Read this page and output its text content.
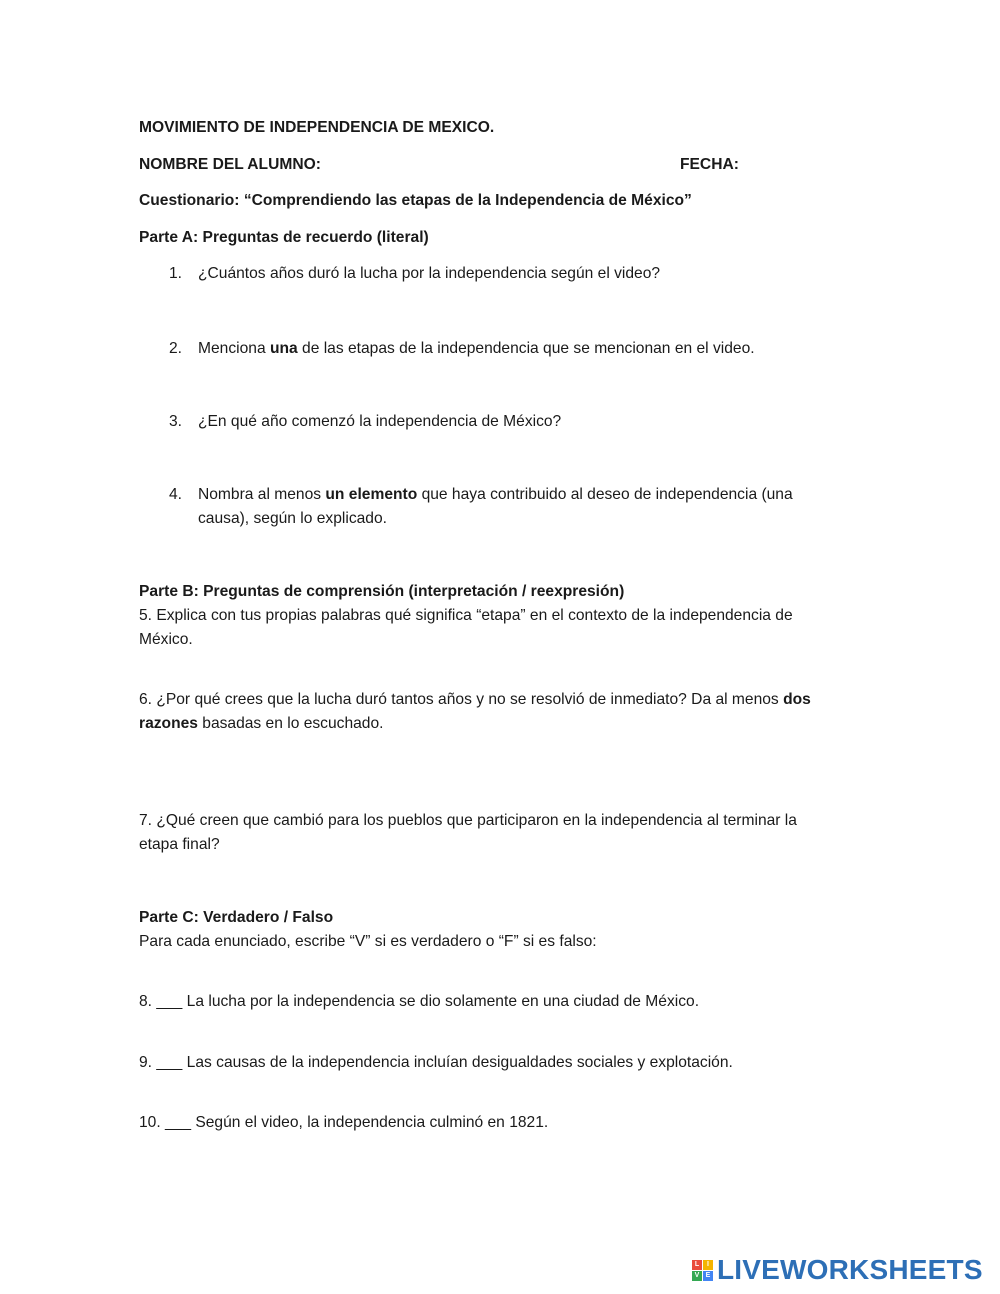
MOVIMIENTO DE INDEPENDENCIA DE MEXICO.
NOMBRE DEL ALUMNO:	FECHA:
Cuestionario: “Comprendiendo las etapas de la Independencia de México”
Parte A: Preguntas de recuerdo (literal)
1. ¿Cuántos años duró la lucha por la independencia según el video?
2. Menciona una de las etapas de la independencia que se mencionan en el video.
3. ¿En qué año comenzó la independencia de México?
4. Nombra al menos un elemento que haya contribuido al deseo de independencia (una
causa), según lo explicado.
Parte B: Preguntas de comprensión (interpretación / reexpresión)
5. Explica con tus propias palabras qué significa “etapa” en el contexto de la independencia de
México.
6. ¿Por qué crees que la lucha duró tantos años y no se resolvió de inmediato? Da al menos dos
razones basadas en lo escuchado.
7. ¿Qué creen que cambió para los pueblos que participaron en la independencia al terminar la
etapa final?
Parte C: Verdadero / Falso
Para cada enunciado, escribe “V” si es verdadero o “F” si es falso:
8. ___ La lucha por la independencia se dio solamente en una ciudad de México.
9. ___ Las causas de la independencia incluían desigualdades sociales y explotación.
10. ___ Según el video, la independencia culminó en 1821.
L	I
V E LIVEWORKSHEETS
